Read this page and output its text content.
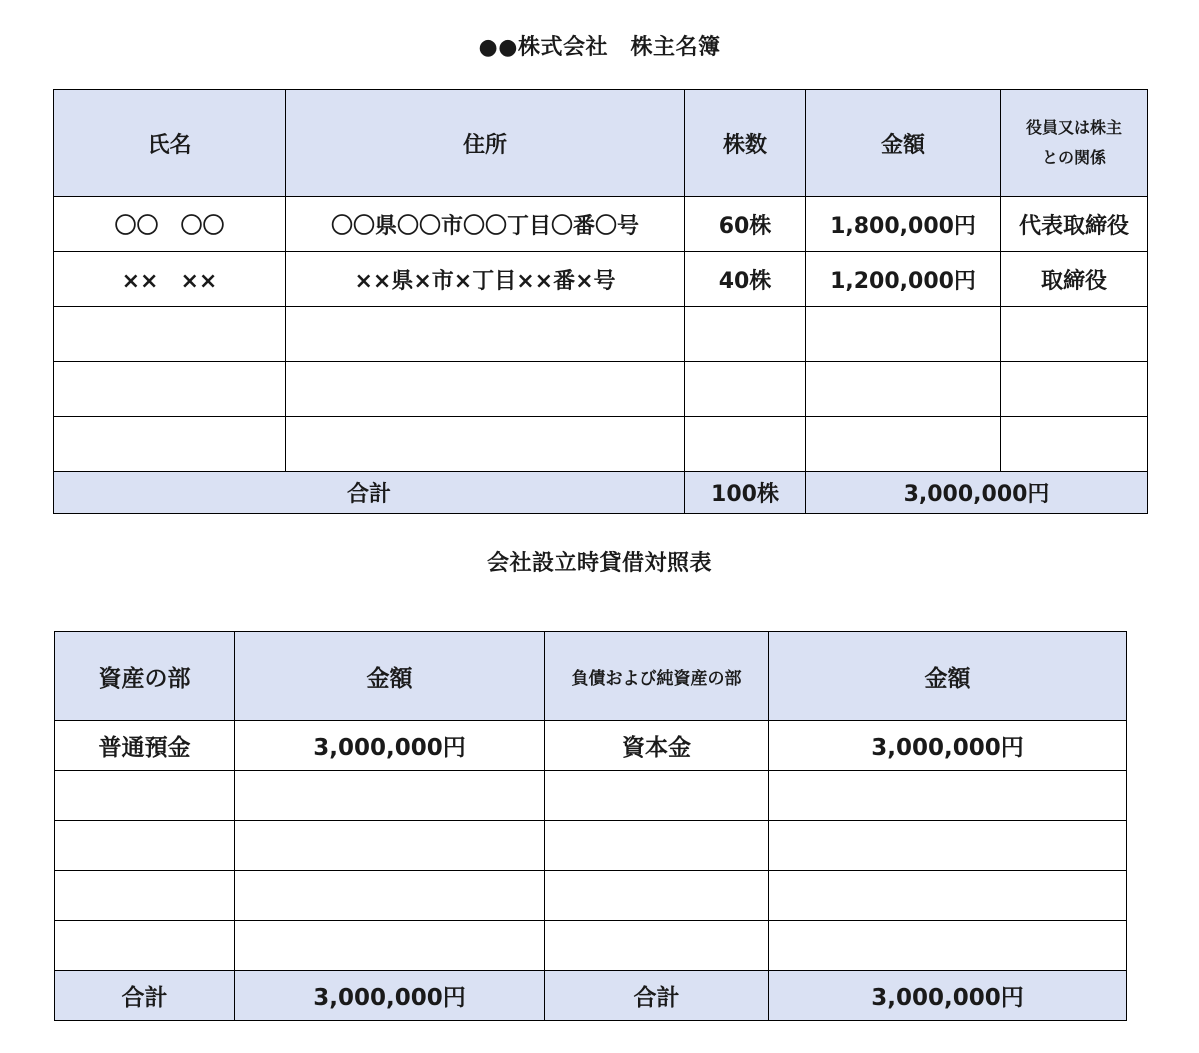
●●株式会社　株主名簿
氏名	住所	株数	金額	役員又は株主
との関係
〇〇　〇〇	〇〇県〇〇市〇〇丁目〇番〇号	60株	1,800,000円	代表取締役
××　××	××県×市×丁目××番×号	40株	1,200,000円	取締役

合計		100株	3,000,000円	
会社設立時貸借対照表
資産の部	金額	負債および純資産の部	金額
普通預金	3,000,000円	資本金	3,000,000円

合計	3,000,000円	合計	3,000,000円
